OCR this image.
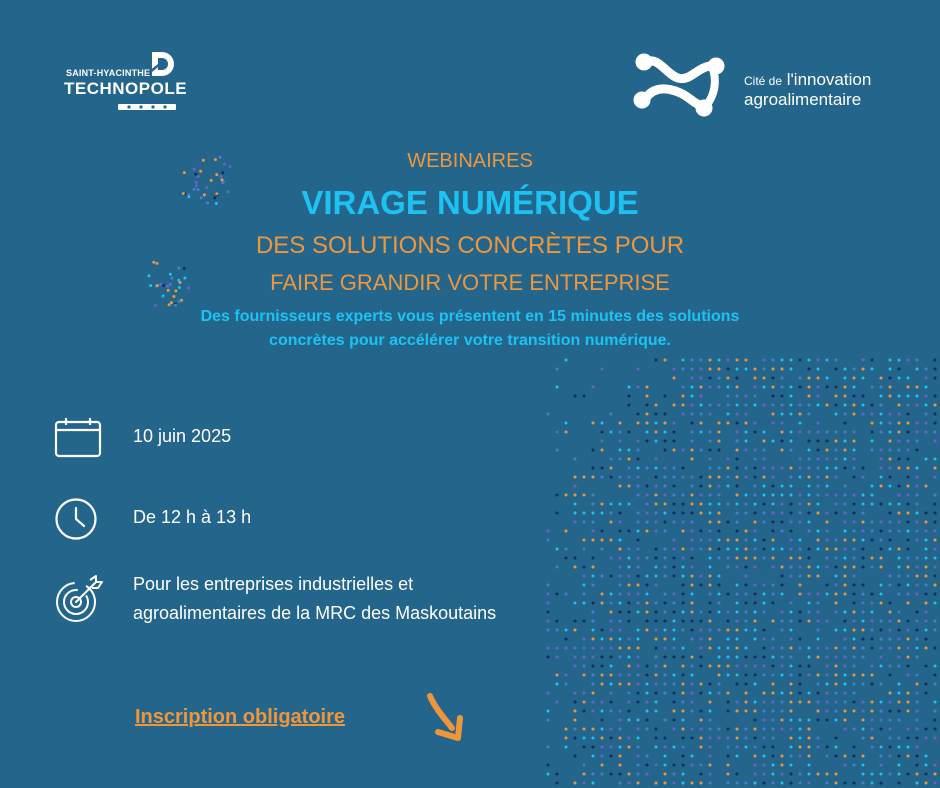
SAINT-HYACINTHE
TECHNOPOLE	Cité de l'innovation
agroalimentaire
WEBINAIRES
VIRAGE NUMÉRIQUE
DES SOLUTIONS CONCRÈTES POUR
FAIRE GRANDIR VOTRE ENTREPRISE
Des fournisseurs experts vous présentent en 15 minutes des solutions
concrètes pour accélérer votre transition numérique.
10 juin 2025
De 12 h à 13 h
Pour les entreprises industrielles et
agroalimentaires de la MRC des Maskoutains
Inscription obligatoire
